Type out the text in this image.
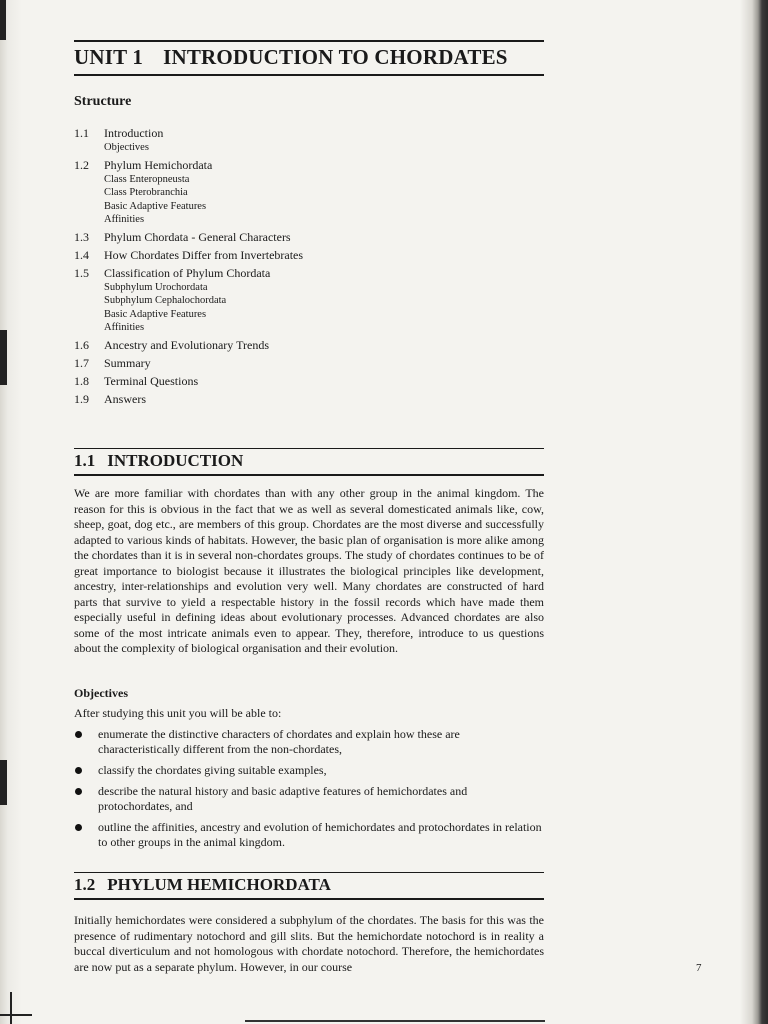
UNIT 1 INTRODUCTION TO CHORDATES
Structure
1.1	Introduction
Objectives
1.2	Phylum Hemichordata
Class Enteropneusta
Class Pterobranchia
Basic Adaptive Features
Affinities
1.3	Phylum Chordata - General Characters
1.4	How Chordates Differ from Invertebrates
1.5	Classification of Phylum Chordata
Subphylum Urochordata
Subphylum Cephalochordata
Basic Adaptive Features
Affinities
1.6	Ancestry and Evolutionary Trends
1.7	Summary
1.8	Terminal Questions
1.9	Answers
1.1 INTRODUCTION
We are more familiar with chordates than with any other group in the animal kingdom. The reason for this is obvious in the fact that we as well as several domesticated animals like, cow, sheep, goat, dog etc., are members of this group. Chordates are the most diverse and successfully adapted to various kinds of habitats. However, the basic plan of organisation is more alike among the chordates than it is in several non-chordates groups. The study of chordates continues to be of great importance to biologist because it illustrates the biological principles like development, ancestry, inter-relationships and evolution very well. Many chordates are constructed of hard parts that survive to yield a respectable history in the fossil records which have made them especially useful in defining ideas about evolutionary processes. Advanced chordates are also some of the most intricate animals even to appear. They, therefore, introduce to us questions about the complexity of biological organisation and their evolution.
Objectives
After studying this unit you will be able to:
enumerate the distinctive characters of chordates and explain how these are characteristically different from the non-chordates,
classify the chordates giving suitable examples,
describe the natural history and basic adaptive features of hemichordates and protochordates, and
outline the affinities, ancestry and evolution of hemichordates and protochordates in relation to other groups in the animal kingdom.
1.2 PHYLUM HEMICHORDATA
Initially hemichordates were considered a subphylum of the chordates. The basis for this was the presence of rudimentary notochord and gill slits. But the hemichordate notochord is in reality a buccal diverticulum and not homologous with chordate notochord. Therefore, the hemichordates are now put as a separate phylum. However, in our course	7
